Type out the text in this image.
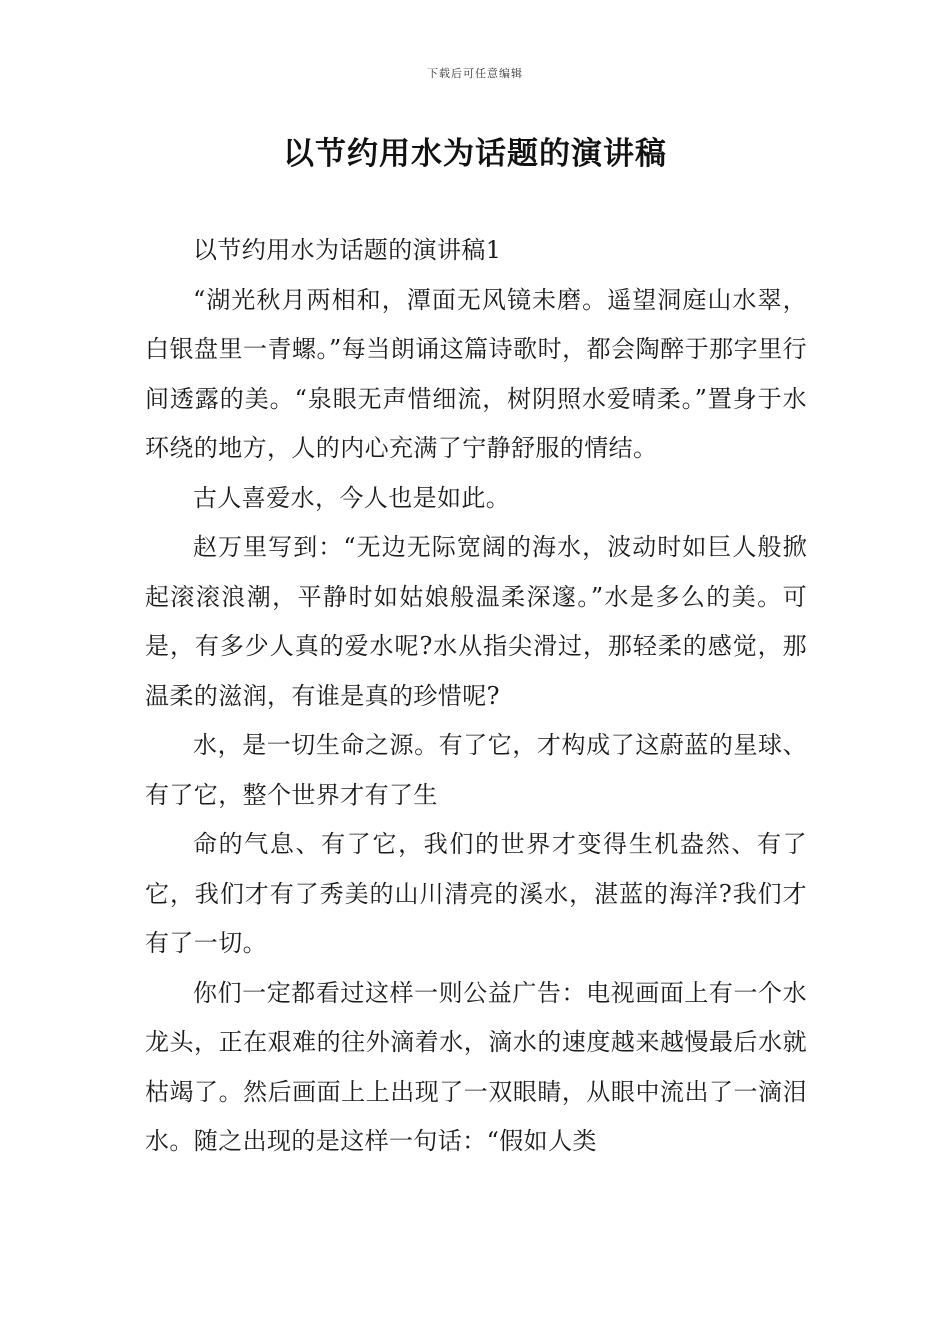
下载后可任意编辑
以节约用水为话题的演讲稿

以节约用水为话题的演讲稿1

“湖光秋月两相和，潭面无风镜未磨。遥望洞庭山水翠，白银盘里一青螺。”每当朗诵这篇诗歌时，都会陶醉于那字里行间透露的美。“泉眼无声惜细流，树阴照水爱晴柔。”置身于水环绕的地方，人的内心充满了宁静舒服的情结。

古人喜爱水，今人也是如此。

赵万里写到：“无边无际宽阔的海水，波动时如巨人般掀起滚滚浪潮，平静时如姑娘般温柔深邃。”水是多么的美。可是，有多少人真的爱水呢?水从指尖滑过，那轻柔的感觉，那温柔的滋润，有谁是真的珍惜呢?

水，是一切生命之源。有了它，才构成了这蔚蓝的星球、有了它，整个世界才有了生

命的气息、有了它，我们的世界才变得生机盎然、有了它，我们才有了秀美的山川清亮的溪水，湛蓝的海洋?我们才有了一切。

你们一定都看过这样一则公益广告：电视画面上有一个水龙头，正在艰难的往外滴着水，滴水的速度越来越慢最后水就枯竭了。然后画面上上出现了一双眼睛，从眼中流出了一滴泪水。随之出现的是这样一句话：“假如人类
